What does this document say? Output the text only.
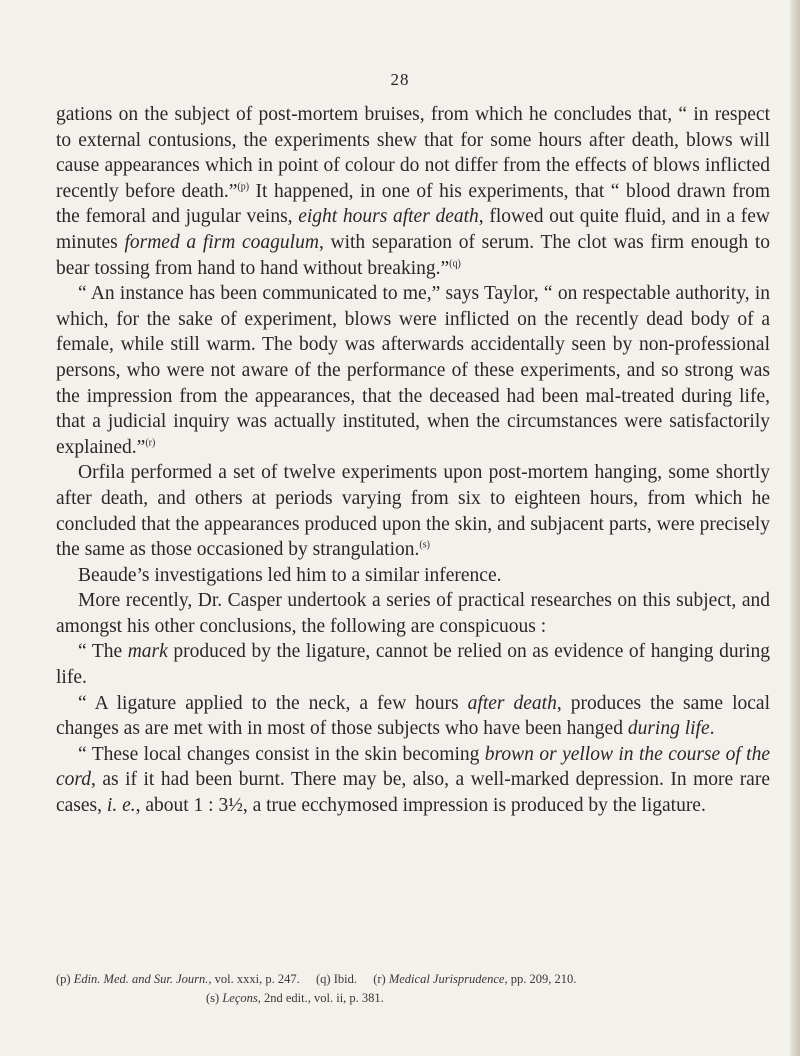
28

gations on the subject of post-mortem bruises, from which he concludes that, “ in respect to external contusions, the experiments shew that for some hours after death, blows will cause appearances which in point of colour do not differ from the effects of blows inflicted recently before death.”$^{(p)}$ It happened, in one of his experiments, that “ blood drawn from the femoral and jugular veins, eight hours after death, flowed out quite fluid, and in a few minutes formed a firm coagulum, with separation of serum. The clot was firm enough to bear tossing from hand to hand without breaking.”$^{(q)}$

“ An instance has been communicated to me,” says Taylor, “ on respectable authority, in which, for the sake of experiment, blows were inflicted on the recently dead body of a female, while still warm. The body was afterwards accidentally seen by non-professional persons, who were not aware of the performance of these experiments, and so strong was the impression from the appearances, that the deceased had been mal-treated during life, that a judicial inquiry was actually instituted, when the circumstances were satisfactorily explained.”$^{(r)}$

Orfila performed a set of twelve experiments upon post-mortem hanging, some shortly after death, and others at periods varying from six to eighteen hours, from which he concluded that the appearances produced upon the skin, and subjacent parts, were precisely the same as those occasioned by strangulation.$^{(s)}$

Beaude’s investigations led him to a similar inference.

More recently, Dr. Casper undertook a series of practical researches on this subject, and amongst his other conclusions, the following are conspicuous :

“ The mark produced by the ligature, cannot be relied on as evidence of hanging during life.

“ A ligature applied to the neck, a few hours after death, produces the same local changes as are met with in most of those subjects who have been hanged during life.

“ These local changes consist in the skin becoming brown or yellow in the course of the cord, as if it had been burnt. There may be, also, a well-marked depression. In more rare cases, i. e., about 1 : 3½, a true ecchymosed impression is produced by the ligature.

(p) Edin. Med. and Sur. Journ., vol. xxxi, p. 247. (q) Ibid. (r) Medical Jurisprudence, pp. 209, 210.
(s) Leçons, 2nd edit., vol. ii, p. 381.
